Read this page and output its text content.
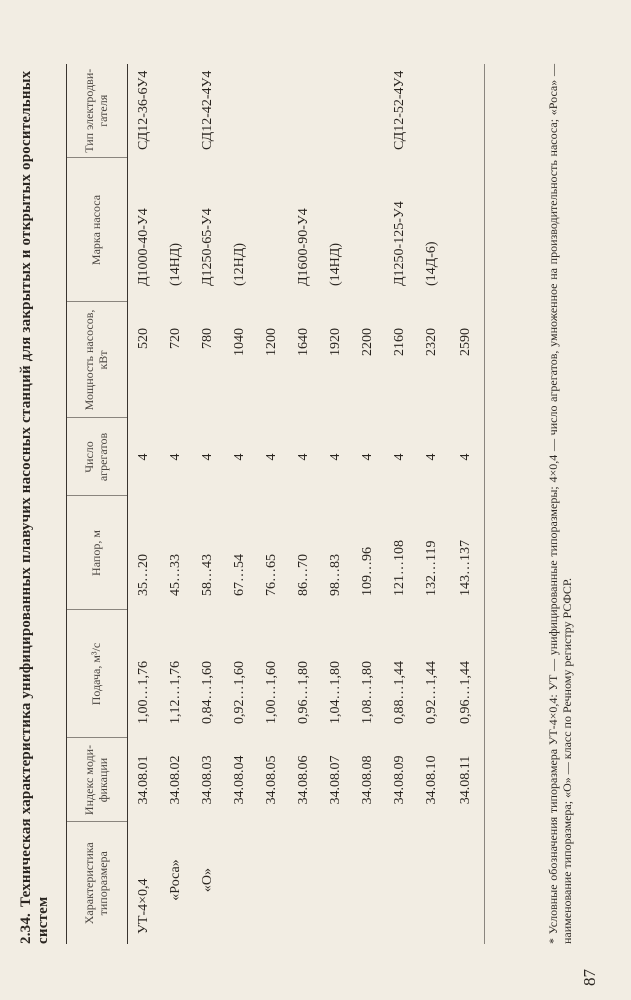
87
2.34.Техническая характеристика унифицированных плавучих насосных станций для закрытых и открытых оросительных систем	Характеристика типоразмера	Индекс моди-фикации	Подача, м³/с	Напор, м	Число агрегатов	Мощность насосов, кВт	Марка насоса	Тип электродви-гателя
УТ-4×0,4	34.08.01	1,00…1,76	35…20	4	520	Д1000-40-У4	СД12-36-6У4
«Роса»	34.08.02	1,12…1,76	45…33	4	720	(14НД)	
«О»	34.08.03	0,84…1,60	58…43	4	780	Д1250-65-У4	СД12-42-4У4
	34.08.04	0,92…1,60	67…54	4	1040	(12НД)	
	34.08.05	1,00…1,60	76…65	4	1200		
	34.08.06	0,96…1,80	86…70	4	1640	Д1600-90-У4	
	34.08.07	1,04…1,80	98…83	4	1920	(14НД)	
	34.08.08	1,08…1,80	109…96	4	2200		
	34.08.09	0,88…1,44	121…108	4	2160	Д1250-125-У4	СД12-52-4У4
	34.08.10	0,92…1,44	132…119	4	2320	(14Д-6)	
	34.08.11	0,96…1,44	143…137	4	2590			* Условные обозначения типоразмера УТ-4×0,4: УТ — унифицированные типоразмеры; 4×0,4 — число агрегатов, умноженное на производительность насоса; «Роса» — наименование типоразмера; «О» — класс по Речному регистру РСФСР.
